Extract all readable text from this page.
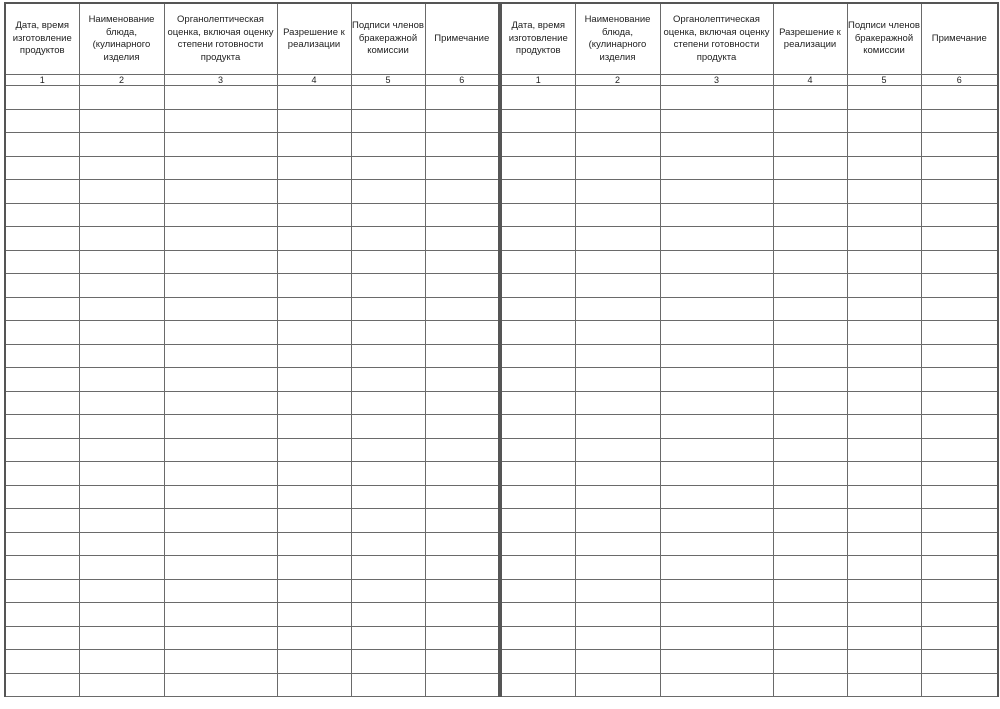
Дата, время изготовление продуктов	Наименование блюда, (кулинарного изделия	Органолептическая оценка, включая оценку степени готовности продукта	Разрешение к реализации	Подписи членов бракеражной комиссии	Примечание
1	2	3	4	5	6

Дата, время изготовление продуктов	Наименование блюда, (кулинарного изделия	Органолептическая оценка, включая оценку степени готовности продукта	Разрешение к реализации	Подписи членов бракеражной комиссии	Примечание
1	2	3	4	5	6
